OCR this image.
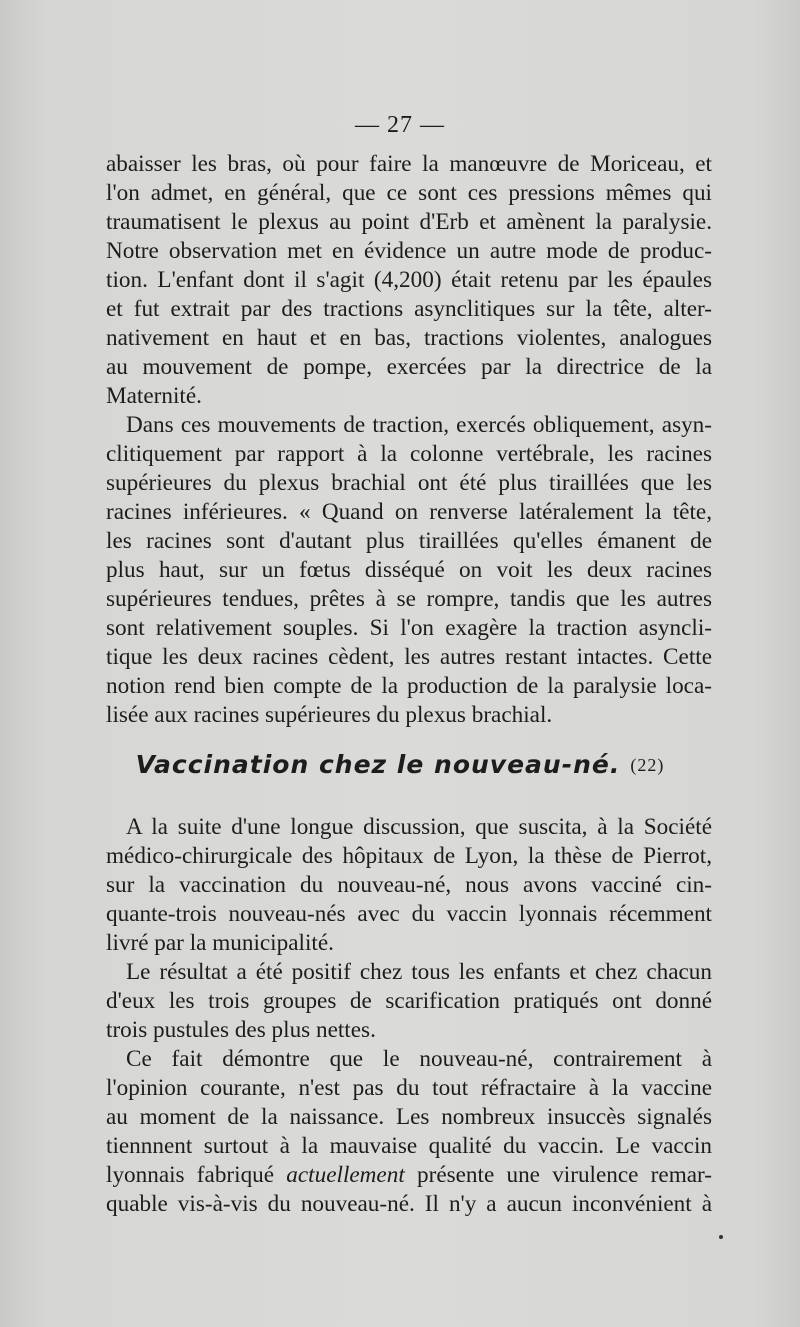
— 27 —
abaisser les bras, où pour faire la manœuvre de Moriceau, et
l'on admet, en général, que ce sont ces pressions mêmes qui
traumatisent le plexus au point d'Erb et amènent la paralysie.
Notre observation met en évidence un autre mode de produc-
tion. L'enfant dont il s'agit (4,200) était retenu par les épaules
et fut extrait par des tractions asynclitiques sur la tête, alter-
nativement en haut et en bas, tractions violentes, analogues
au mouvement de pompe, exercées par la directrice de la
Maternité.
Dans ces mouvements de traction, exercés obliquement, asyn-
clitiquement par rapport à la colonne vertébrale, les racines
supérieures du plexus brachial ont été plus tiraillées que les
racines inférieures. « Quand on renverse latéralement la tête,
les racines sont d'autant plus tiraillées qu'elles émanent de
plus haut, sur un fœtus disséqué on voit les deux racines
supérieures tendues, prêtes à se rompre, tandis que les autres
sont relativement souples. Si l'on exagère la traction asyncli-
tique les deux racines cèdent, les autres restant intactes. Cette
notion rend bien compte de la production de la paralysie loca-
lisée aux racines supérieures du plexus brachial.
Vaccination chez le nouveau-né. (22)
A la suite d'une longue discussion, que suscita, à la Société
médico-chirurgicale des hôpitaux de Lyon, la thèse de Pierrot,
sur la vaccination du nouveau-né, nous avons vacciné cin-
quante-trois nouveau-nés avec du vaccin lyonnais récemment
livré par la municipalité.
Le résultat a été positif chez tous les enfants et chez chacun
d'eux les trois groupes de scarification pratiqués ont donné
trois pustules des plus nettes.
Ce fait démontre que le nouveau-né, contrairement à
l'opinion courante, n'est pas du tout réfractaire à la vaccine
au moment de la naissance. Les nombreux insuccès signalés
tiennnent surtout à la mauvaise qualité du vaccin. Le vaccin
lyonnais fabriqué actuellement présente une virulence remar-
quable vis-à-vis du nouveau-né. Il n'y a aucun inconvénient à
